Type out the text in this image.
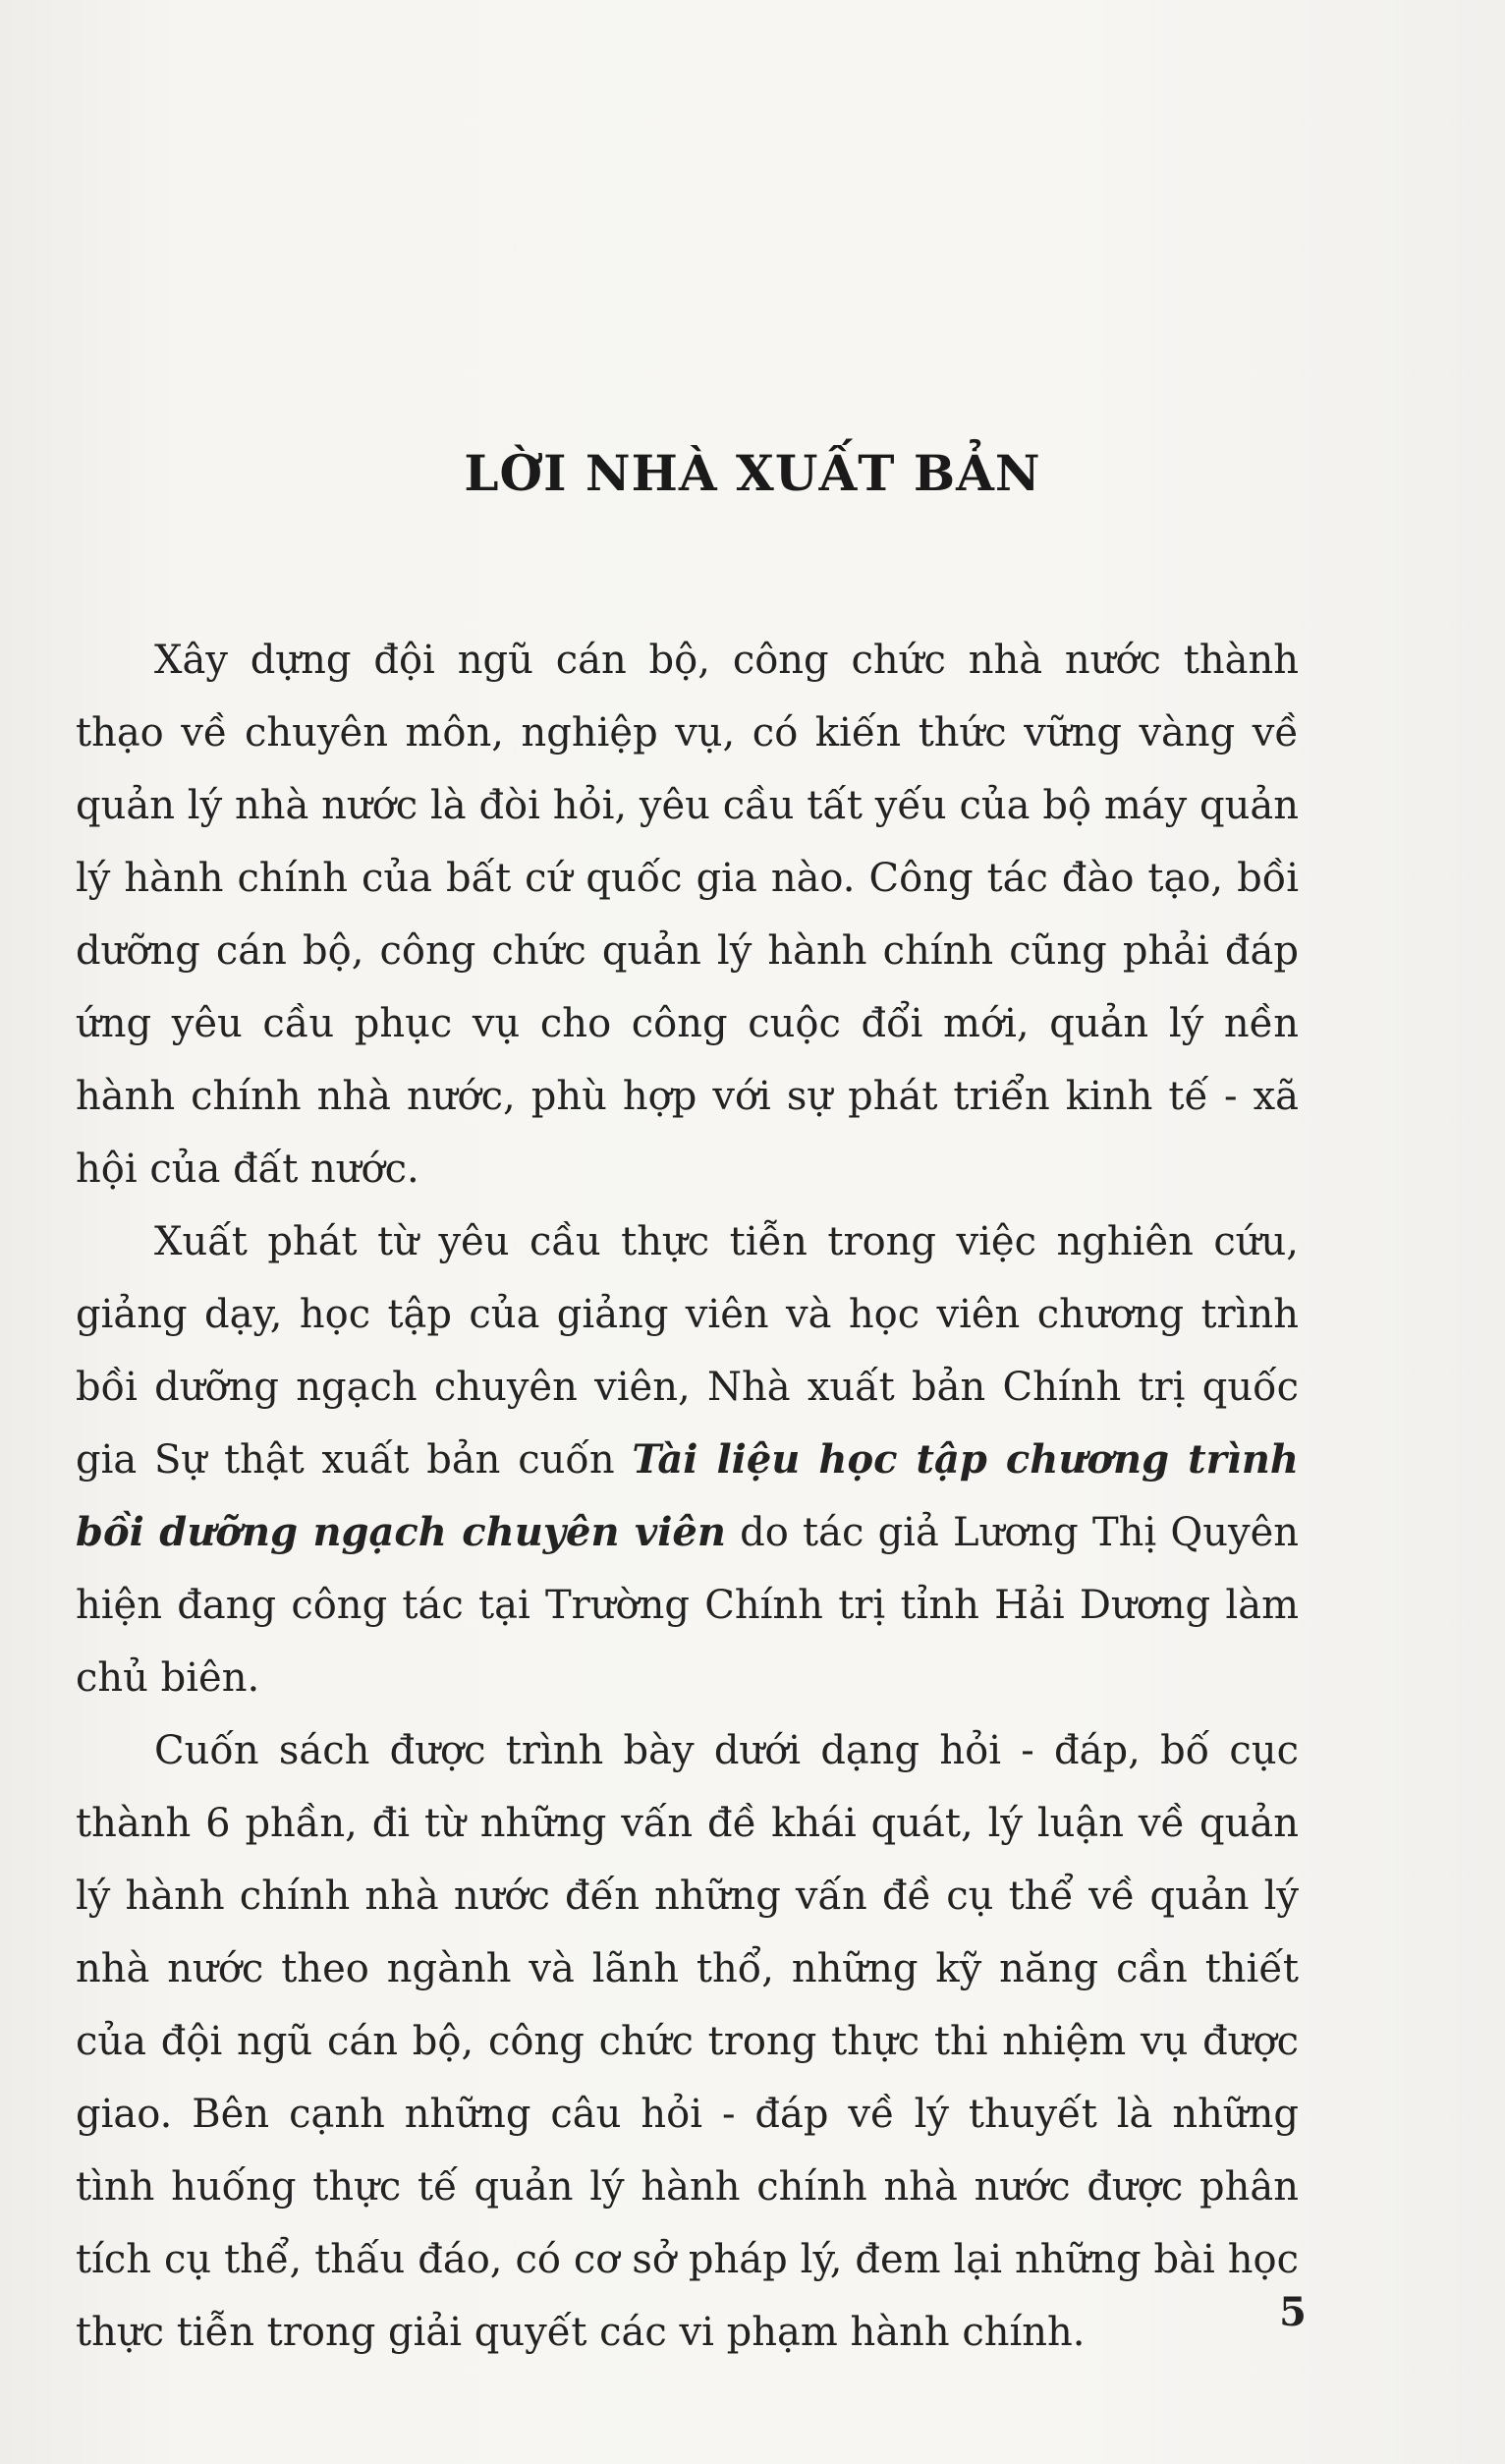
LỜI NHÀ XUẤT BẢN

Xây dựng đội ngũ cán bộ, công chức nhà nước thành thạo về chuyên môn, nghiệp vụ, có kiến thức vững vàng về quản lý nhà nước là đòi hỏi, yêu cầu tất yếu của bộ máy quản lý hành chính của bất cứ quốc gia nào. Công tác đào tạo, bồi dưỡng cán bộ, công chức quản lý hành chính cũng phải đáp ứng yêu cầu phục vụ cho công cuộc đổi mới, quản lý nền hành chính nhà nước, phù hợp với sự phát triển kinh tế - xã hội của đất nước.

Xuất phát từ yêu cầu thực tiễn trong việc nghiên cứu, giảng dạy, học tập của giảng viên và học viên chương trình bồi dưỡng ngạch chuyên viên, Nhà xuất bản Chính trị quốc gia Sự thật xuất bản cuốn Tài liệu học tập chương trình bồi dưỡng ngạch chuyên viên do tác giả Lương Thị Quyên hiện đang công tác tại Trường Chính trị tỉnh Hải Dương làm chủ biên.

Cuốn sách được trình bày dưới dạng hỏi - đáp, bố cục thành 6 phần, đi từ những vấn đề khái quát, lý luận về quản lý hành chính nhà nước đến những vấn đề cụ thể về quản lý nhà nước theo ngành và lãnh thổ, những kỹ năng cần thiết của đội ngũ cán bộ, công chức trong thực thi nhiệm vụ được giao. Bên cạnh những câu hỏi - đáp về lý thuyết là những tình huống thực tế quản lý hành chính nhà nước được phân tích cụ thể, thấu đáo, có cơ sở pháp lý, đem lại những bài học thực tiễn trong giải quyết các vi phạm hành chính.	5
